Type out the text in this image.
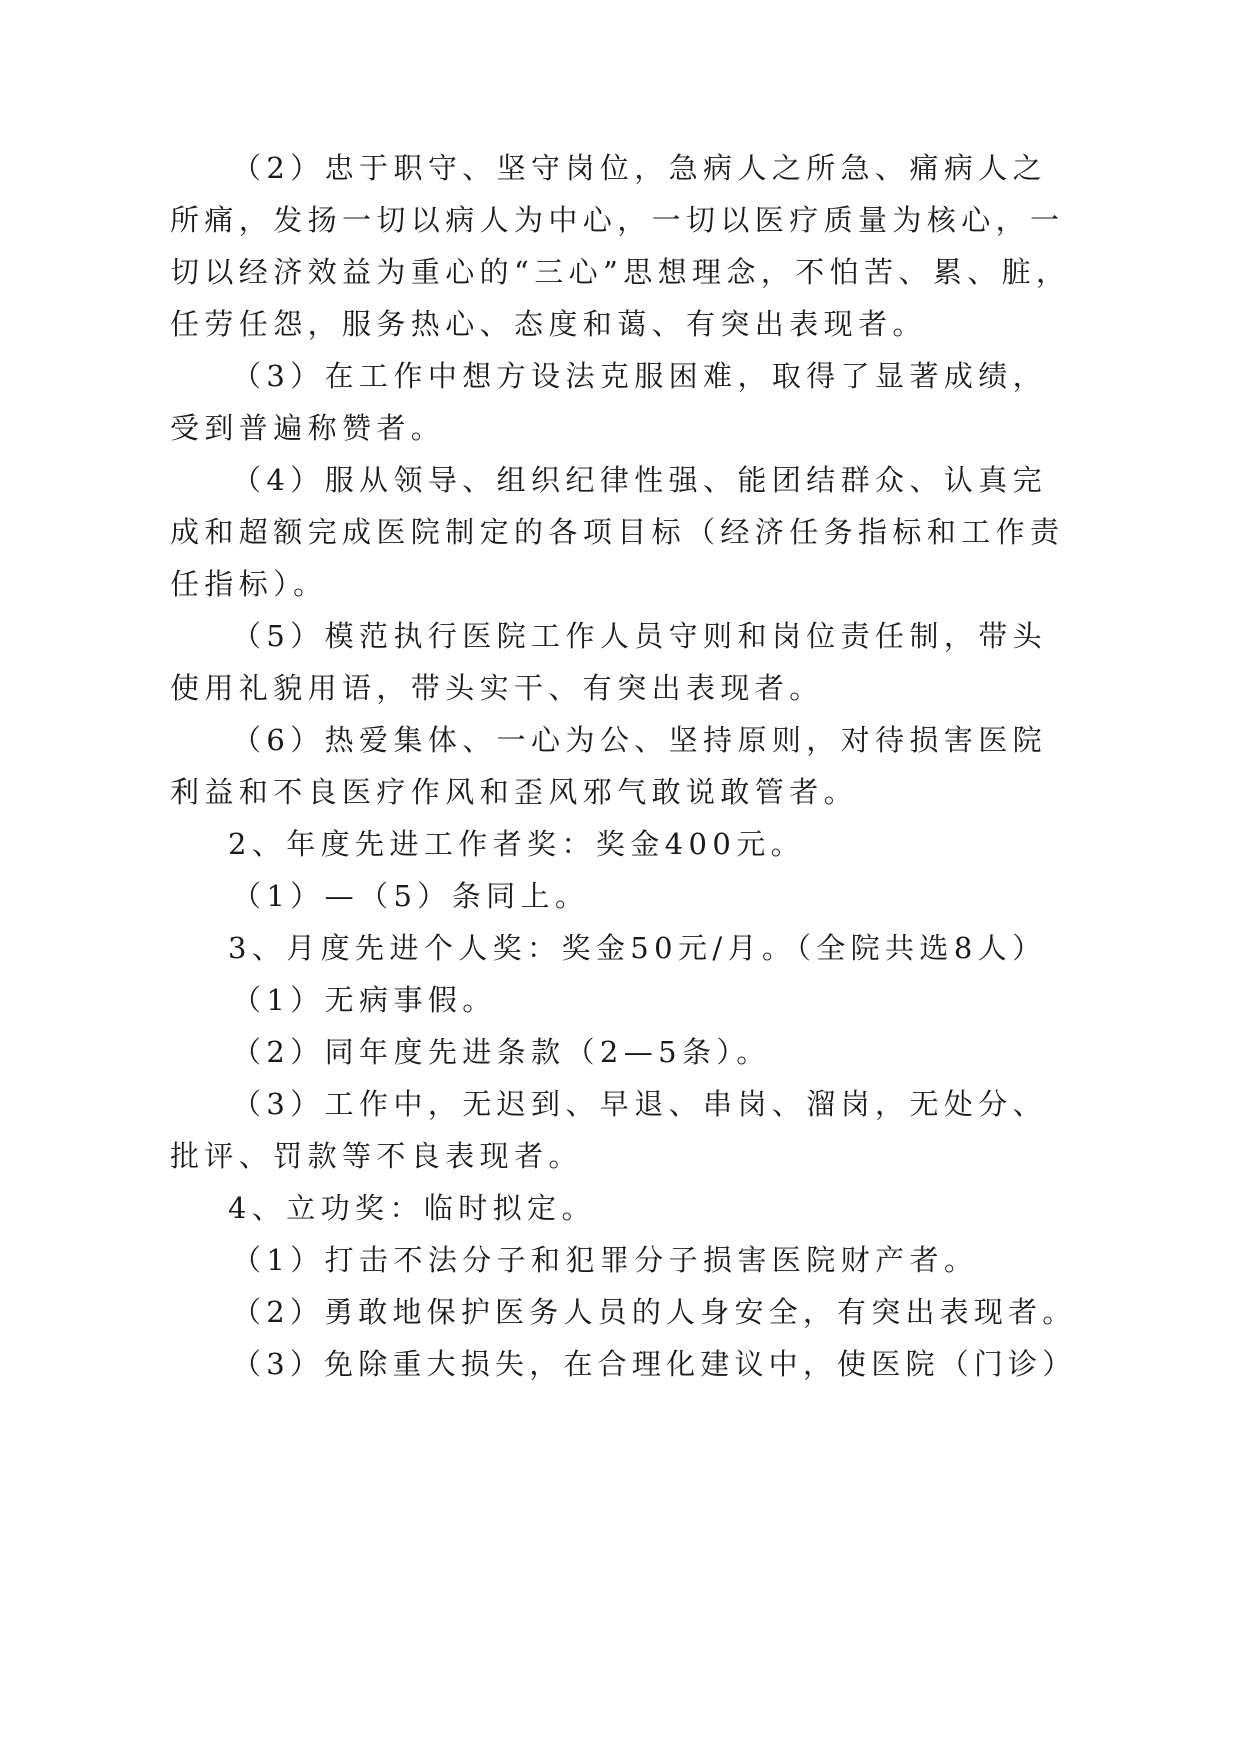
（2）忠于职守、坚守岗位，急病人之所急、痛病人之
所痛，发扬一切以病人为中心，一切以医疗质量为核心，一
切以经济效益为重心的“三心”思想理念，不怕苦、累、脏，
任劳任怨，服务热心、态度和蔼、有突出表现者。
（3）在工作中想方设法克服困难，取得了显著成绩，
受到普遍称赞者。
（4）服从领导、组织纪律性强、能团结群众、认真完
成和超额完成医院制定的各项目标（经济任务指标和工作责
任指标）。
（5）模范执行医院工作人员守则和岗位责任制，带头
使用礼貌用语，带头实干、有突出表现者。
（6）热爱集体、一心为公、坚持原则，对待损害医院
利益和不良医疗作风和歪风邪气敢说敢管者。
2、年度先进工作者奖：奖金400元。
（1）—（5）条同上。
3、月度先进个人奖：奖金50元/月。（全院共选8人）
（1）无病事假。
（2）同年度先进条款（2—5条）。
（3）工作中，无迟到、早退、串岗、溜岗，无处分、
批评、罚款等不良表现者。
4、立功奖：临时拟定。
（1）打击不法分子和犯罪分子损害医院财产者。
（2）勇敢地保护医务人员的人身安全，有突出表现者。
（3）免除重大损失，在合理化建议中，使医院（门诊）
